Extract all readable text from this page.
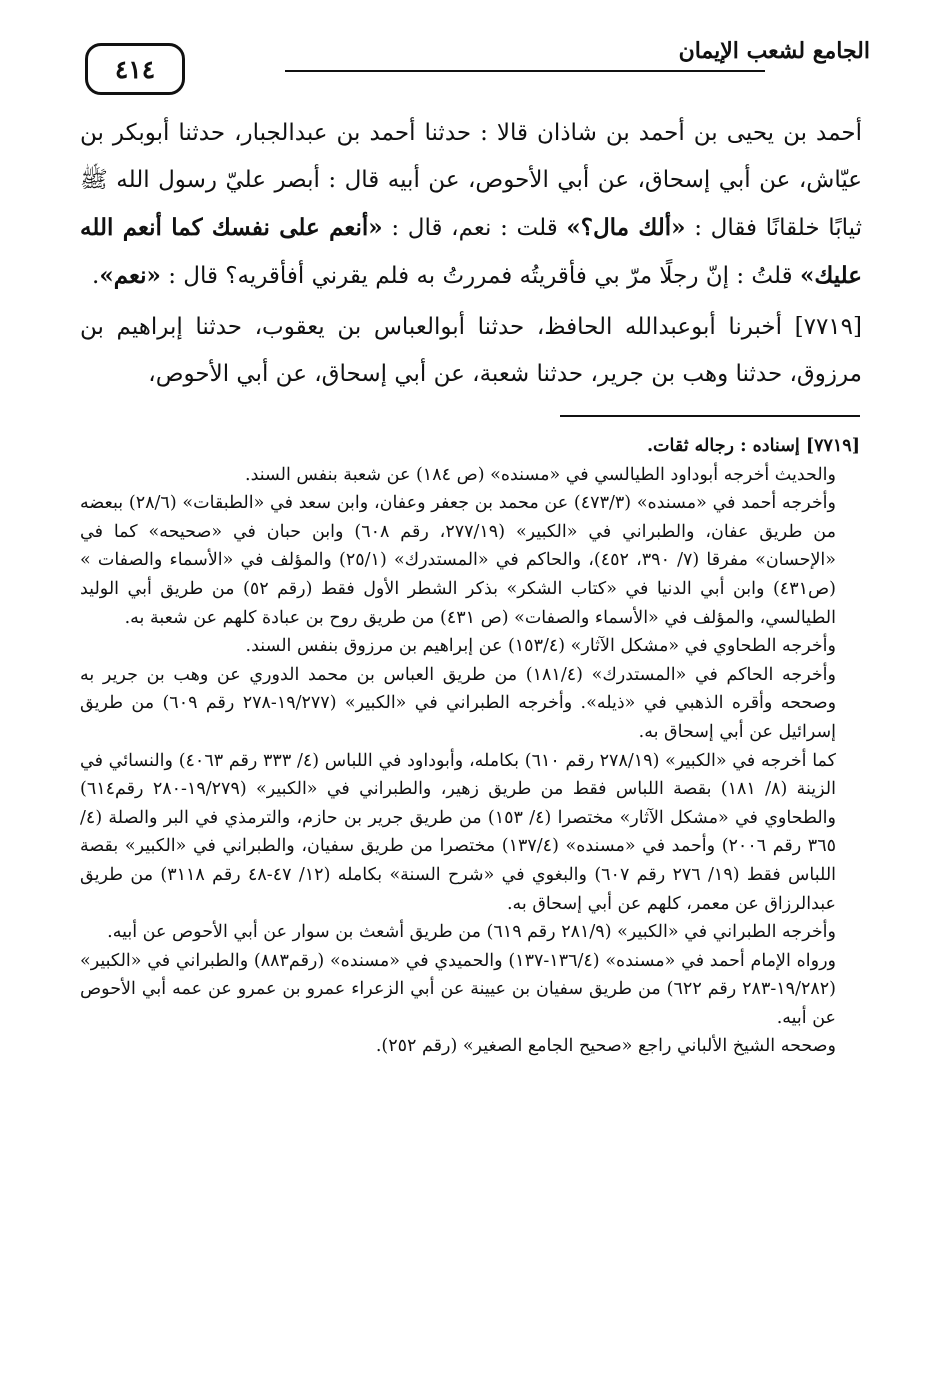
الجامع لشعب الإيمان
٤١٤

أحمد بن يحيى بن أحمد بن شاذان قالا : حدثنا أحمد بن عبدالجبار، حدثنا أبوبكر بن عيّاش، عن أبي إسحاق، عن أبي الأحوص، عن أبيه قال : أبصر عليّ رسول الله ﷺ ثيابًا خلقانًا فقال : «ألك مال؟» قلت : نعم، قال : «أنعم على نفسك كما أنعم الله عليك» قلتُ : إنّ رجلًا مرّ بي فأقريتُه فمررتُ به فلم يقرني أفأقريه؟ قال : «نعم».

[٧٧١٩] أخبرنا أبوعبدالله الحافظ، حدثنا أبوالعباس بن يعقوب، حدثنا إبراهيم بن مرزوق، حدثنا وهب بن جرير، حدثنا شعبة، عن أبي إسحاق، عن أبي الأحوص،

[٧٧١٩] إسناده : رجاله ثقات.

والحديث أخرجه أبوداود الطيالسي في «مسنده» (ص ١٨٤) عن شعبة بنفس السند.

وأخرجه أحمد في «مسنده» (٤٧٣/٣) عن محمد بن جعفر وعفان، وابن سعد في «الطبقات» (٢٨/٦) ببعضه من طريق عفان، والطبراني في «الكبير» (٢٧٧/١٩، رقم ٦٠٨) وابن حبان في «صحيحه» كما في «الإحسان» مفرقا (٧/ ٣٩٠، ٤٥٢)، والحاكم في «المستدرك» (٢٥/١) والمؤلف في «الأسماء والصفات » (ص٤٣١) وابن أبي الدنيا في «كتاب الشكر» بذكر الشطر الأول فقط (رقم ٥٢) من طريق أبي الوليد الطيالسي، والمؤلف في «الأسماء والصفات» (ص ٤٣١) من طريق روح بن عبادة كلهم عن شعبة به.

وأخرجه الطحاوي في «مشكل الآثار» (١٥٣/٤) عن إبراهيم بن مرزوق بنفس السند.

وأخرجه الحاكم في «المستدرك» (١٨١/٤) من طريق العباس بن محمد الدوري عن وهب بن جرير به وصححه وأقره الذهبي في «ذيله». وأخرجه الطبراني في «الكبير» (١٩/٢٧٧-٢٧٨ رقم ٦٠٩) من طريق إسرائيل عن أبي إسحاق به.

كما أخرجه في «الكبير» (٢٧٨/١٩ رقم ٦١٠) بكامله، وأبوداود في اللباس (٤/ ٣٣٣ رقم ٤٠٦٣) والنسائي في الزينة (٨/ ١٨١) بقصة اللباس فقط من طريق زهير، والطبراني في «الكبير» (١٩/٢٧٩-٢٨٠ رقم٦١٤) والطحاوي في «مشكل الآثار» مختصرا (٤/ ١٥٣) من طريق جرير بن حازم، والترمذي في البر والصلة (٤/ ٣٦٥ رقم ٢٠٠٦) وأحمد في «مسنده» (١٣٧/٤) مختصرا من طريق سفيان، والطبراني في «الكبير» بقصة اللباس فقط (١٩/ ٢٧٦ رقم ٦٠٧) والبغوي في «شرح السنة» بكامله (١٢/ ٤٧-٤٨ رقم ٣١١٨) من طريق عبدالرزاق عن معمر، كلهم عن أبي إسحاق به.

وأخرجه الطبراني في «الكبير» (٢٨١/٩ رقم ٦١٩) من طريق أشعث بن سوار عن أبي الأحوص عن أبيه.

ورواه الإمام أحمد في «مسنده» (١٣٦/٤-١٣٧) والحميدي في «مسنده» (رقم٨٨٣) والطبراني في «الكبير» (١٩/٢٨٢-٢٨٣ رقم ٦٢٢) من طريق سفيان بن عيينة عن أبي الزعراء عمرو بن عمرو عن عمه أبي الأحوص عن أبيه.

وصححه الشيخ الألباني راجع «صحيح الجامع الصغير» (رقم ٢٥٢).
